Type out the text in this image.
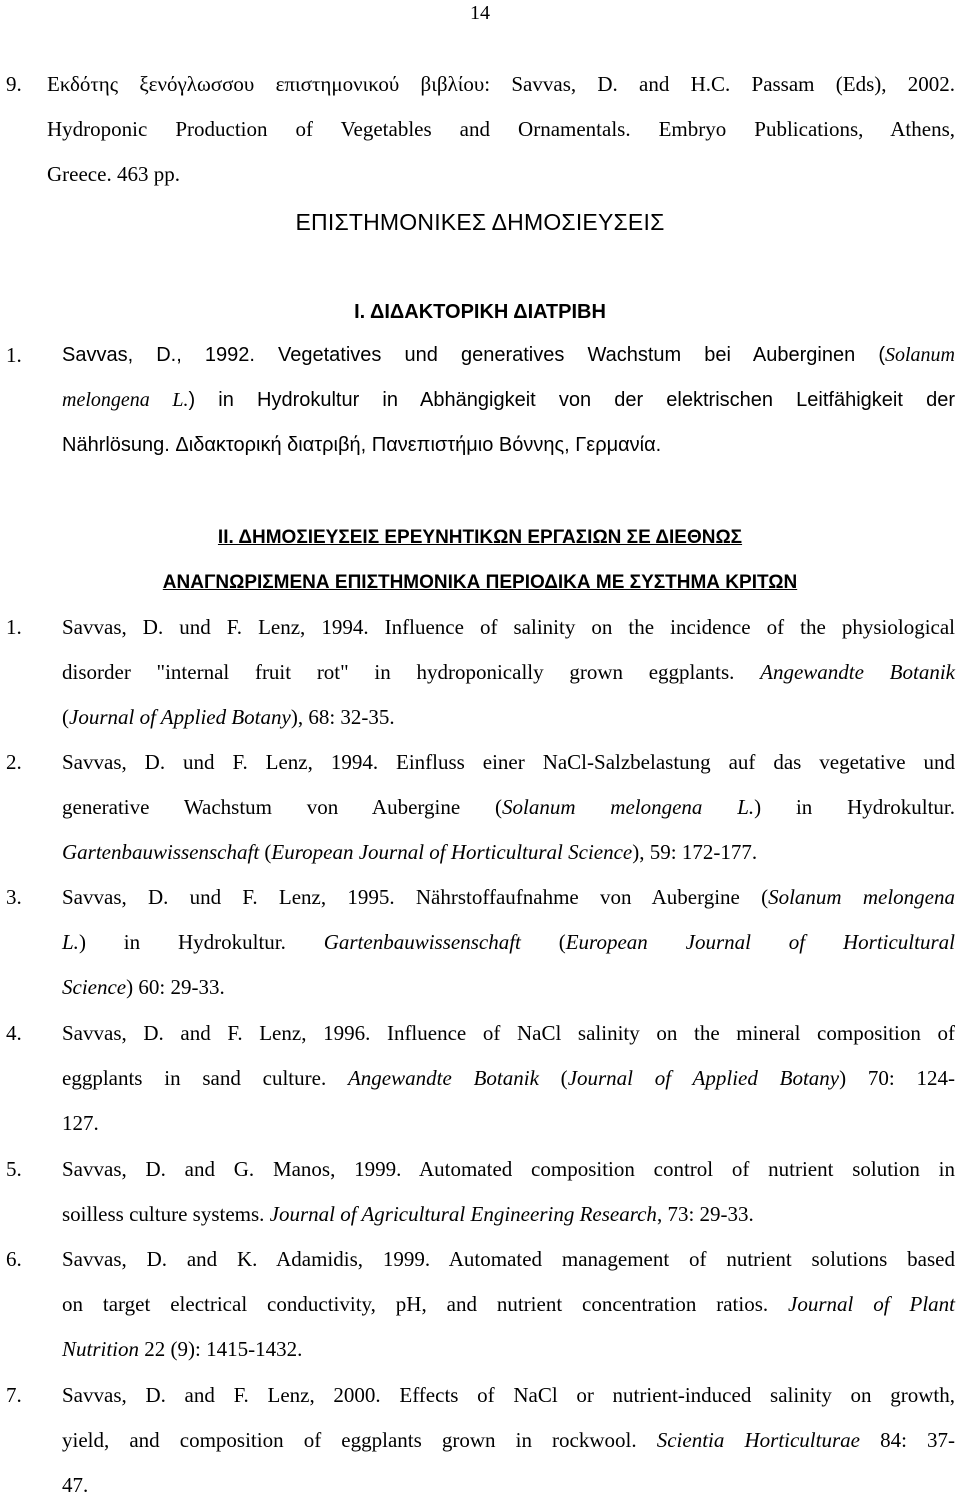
14
9. Εκδότης ξενόγλωσσου επιστημονικού βιβλίου: Savvas, D. and H.C. Passam (Eds), 2002.
Hydroponic Production of Vegetables and Ornamentals. Embryo Publications, Athens,
Greece. 463 pp.
ΕΠΙΣΤΗΜΟΝΙΚΕΣ ΔΗΜΟΣΙΕΥΣΕΙΣ
Ι. ΔΙΔΑΚΤΟΡΙΚΗ ΔΙΑΤΡΙΒΗ
1. Savvas, D., 1992. Vegetatives und generatives Wachstum bei Auberginen (Solanum
melongena L.) in Hydrokultur in Abhängigkeit von der elektrischen Leitfähigkeit der
Nährlösung. Διδακτορική διατριβή, Πανεπιστήμιο Βόννης, Γερμανία.
ΙΙ. ΔΗΜΟΣΙΕΥΣΕΙΣ ΕΡΕΥΝΗΤΙΚΩΝ ΕΡΓΑΣΙΩΝ ΣΕ ΔΙΕΘΝΩΣ
ΑΝΑΓΝΩΡΙΣΜΕΝΑ ΕΠΙΣΤΗΜΟΝΙΚΑ ΠΕΡΙΟΔΙΚΑ ΜΕ ΣΥΣΤΗΜΑ ΚΡΙΤΩΝ
1. Savvas, D. und F. Lenz, 1994. Influence of salinity on the incidence of the physiological
disorder "internal fruit rot" in hydroponically grown eggplants. Angewandte Botanik
(Journal of Applied Botany), 68: 32-35.
2. Savvas, D. und F. Lenz, 1994. Einfluss einer NaCl-Salzbelastung auf das vegetative und
generative Wachstum von Aubergine (Solanum melongena L.) in Hydrokultur.
Gartenbauwissenschaft (European Journal of Horticultural Science), 59: 172-177.
3. Savvas, D. und F. Lenz, 1995. Nährstoffaufnahme von Aubergine (Solanum melongena
L.) in Hydrokultur. Gartenbauwissenschaft (European Journal of Horticultural
Science) 60: 29-33.
4. Savvas, D. and F. Lenz, 1996. Influence of NaCl salinity on the mineral composition of
eggplants in sand culture. Angewandte Botanik (Journal of Applied Botany) 70: 124-
127.
5. Savvas, D. and G. Manos, 1999. Automated composition control of nutrient solution in
soilless culture systems. Journal of Agricultural Engineering Research, 73: 29-33.
6. Savvas, D. and K. Adamidis, 1999. Automated management of nutrient solutions based
on target electrical conductivity, pH, and nutrient concentration ratios. Journal of Plant
Nutrition 22 (9): 1415-1432.
7. Savvas, D. and F. Lenz, 2000. Effects of NaCl or nutrient-induced salinity on growth,
yield, and composition of eggplants grown in rockwool. Scientia Horticulturae 84: 37-
47.
